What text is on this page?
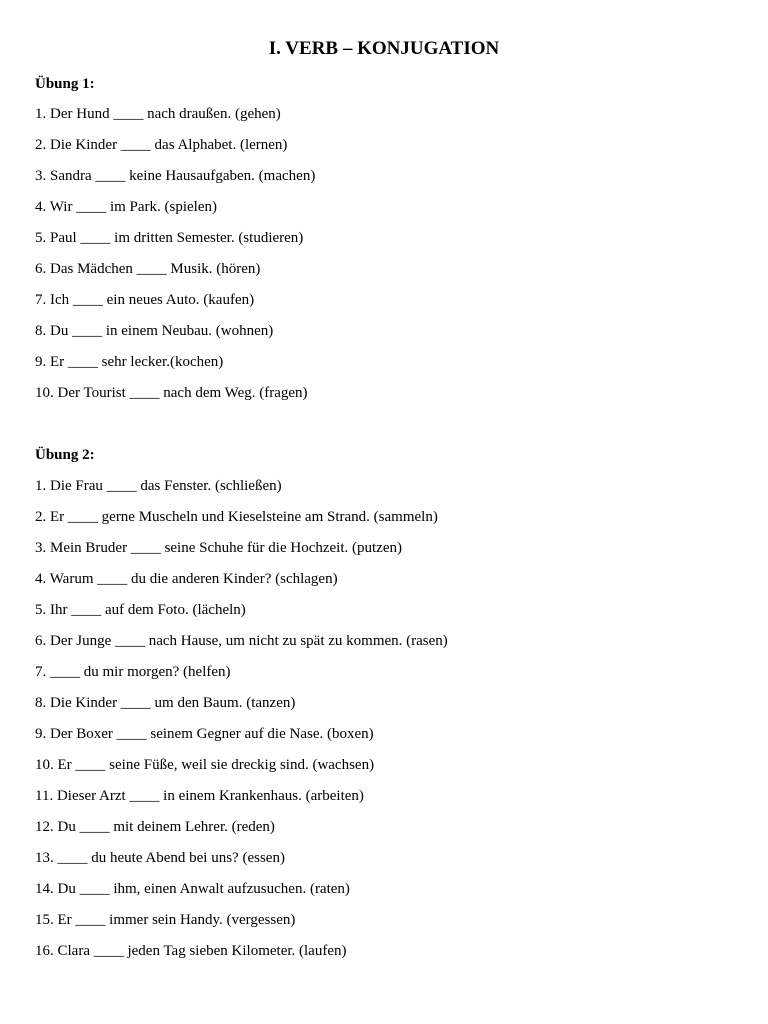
I. VERB – KONJUGATION
Übung 1:
1. Der Hund ____ nach draußen. (gehen)
2. Die Kinder ____ das Alphabet. (lernen)
3. Sandra ____ keine Hausaufgaben. (machen)
4. Wir ____ im Park. (spielen)
5. Paul ____ im dritten Semester. (studieren)
6. Das Mädchen ____ Musik. (hören)
7. Ich ____ ein neues Auto. (kaufen)
8. Du ____ in einem Neubau. (wohnen)
9. Er ____ sehr lecker.(kochen)
10. Der Tourist ____ nach dem Weg. (fragen)
Übung 2:
1. Die Frau ____ das Fenster. (schließen)
2. Er ____ gerne Muscheln und Kieselsteine am Strand. (sammeln)
3. Mein Bruder ____ seine Schuhe für die Hochzeit. (putzen)
4. Warum ____ du die anderen Kinder? (schlagen)
5. Ihr ____ auf dem Foto. (lächeln)
6. Der Junge ____ nach Hause, um nicht zu spät zu kommen. (rasen)
7. ____ du mir morgen? (helfen)
8. Die Kinder ____ um den Baum. (tanzen)
9. Der Boxer ____ seinem Gegner auf die Nase. (boxen)
10. Er ____ seine Füße, weil sie dreckig sind. (wachsen)
11. Dieser Arzt ____ in einem Krankenhaus. (arbeiten)
12. Du ____ mit deinem Lehrer. (reden)
13. ____ du heute Abend bei uns? (essen)
14. Du ____ ihm, einen Anwalt aufzusuchen. (raten)
15. Er ____ immer sein Handy. (vergessen)
16. Clara ____ jeden Tag sieben Kilometer. (laufen)
